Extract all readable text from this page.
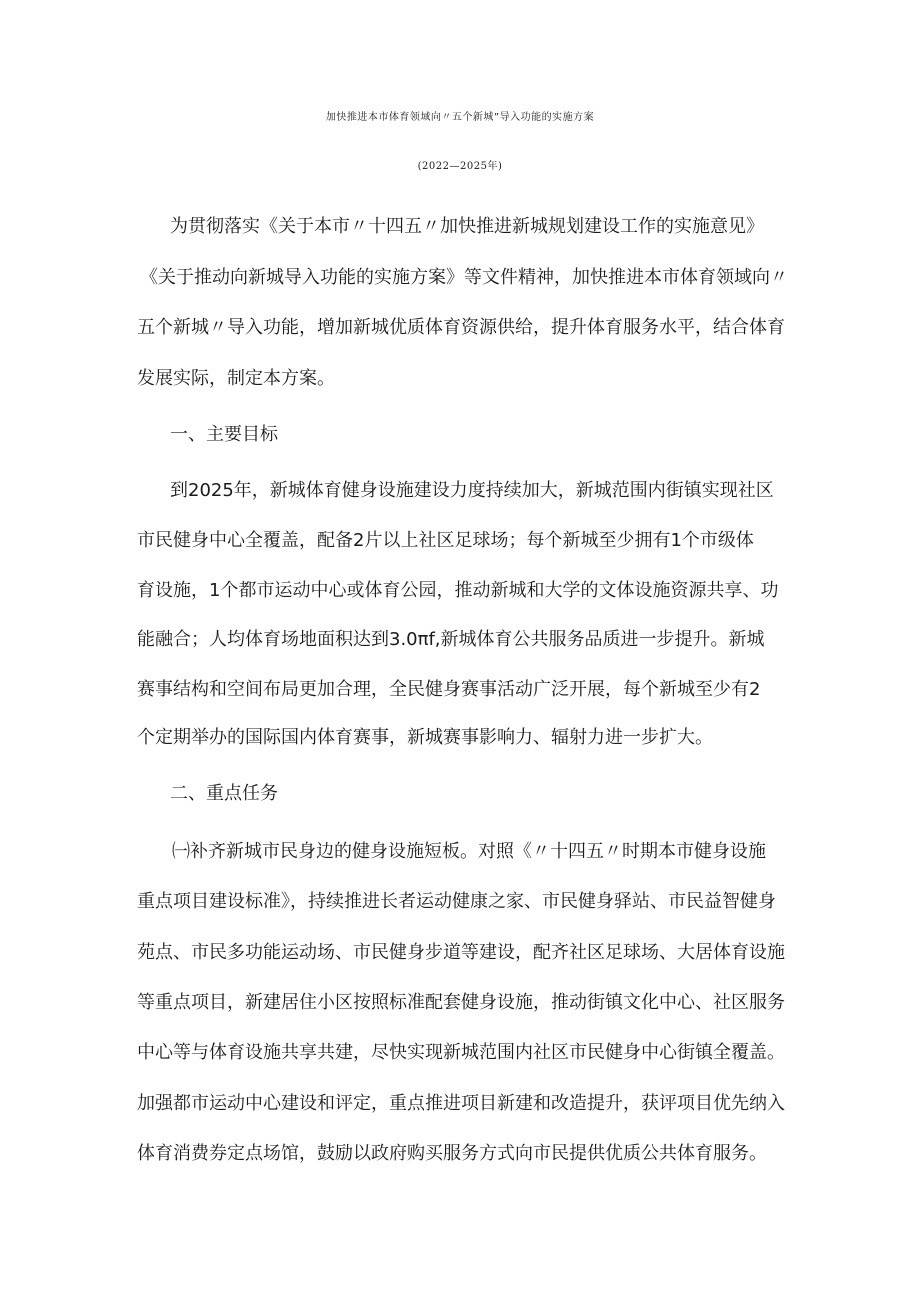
加快推进本市体育领域向〃五个新城”导入功能的实施方案
(2022—2025年)
为贯彻落实《关于本市〃十四五〃加快推进新城规划建设工作的实施意见》
《关于推动向新城导入功能的实施方案》等文件精神，加快推进本市体育领域向〃
五个新城〃导入功能，增加新城优质体育资源供给，提升体育服务水平，结合体育
发展实际，制定本方案。
一、主要目标
到2025年，新城体育健身设施建设力度持续加大，新城范围内街镇实现社区
市民健身中心全覆盖，配备2片以上社区足球场；每个新城至少拥有1个市级体
育设施，1个都市运动中心或体育公园，推动新城和大学的文体设施资源共享、功
能融合；人均体育场地面积达到3.0πf,新城体育公共服务品质进一步提升。新城
赛事结构和空间布局更加合理，全民健身赛事活动广泛开展，每个新城至少有2
个定期举办的国际国内体育赛事，新城赛事影响力、辐射力进一步扩大。
二、重点任务
㈠补齐新城市民身边的健身设施短板。对照《〃十四五〃时期本市健身设施
重点项目建设标准》，持续推进长者运动健康之家、市民健身驿站、市民益智健身
苑点、市民多功能运动场、市民健身步道等建设，配齐社区足球场、大居体育设施
等重点项目，新建居住小区按照标准配套健身设施，推动街镇文化中心、社区服务
中心等与体育设施共享共建，尽快实现新城范围内社区市民健身中心街镇全覆盖。
加强都市运动中心建设和评定，重点推进项目新建和改造提升，获评项目优先纳入
体育消费券定点场馆，鼓励以政府购买服务方式向市民提供优质公共体育服务。
